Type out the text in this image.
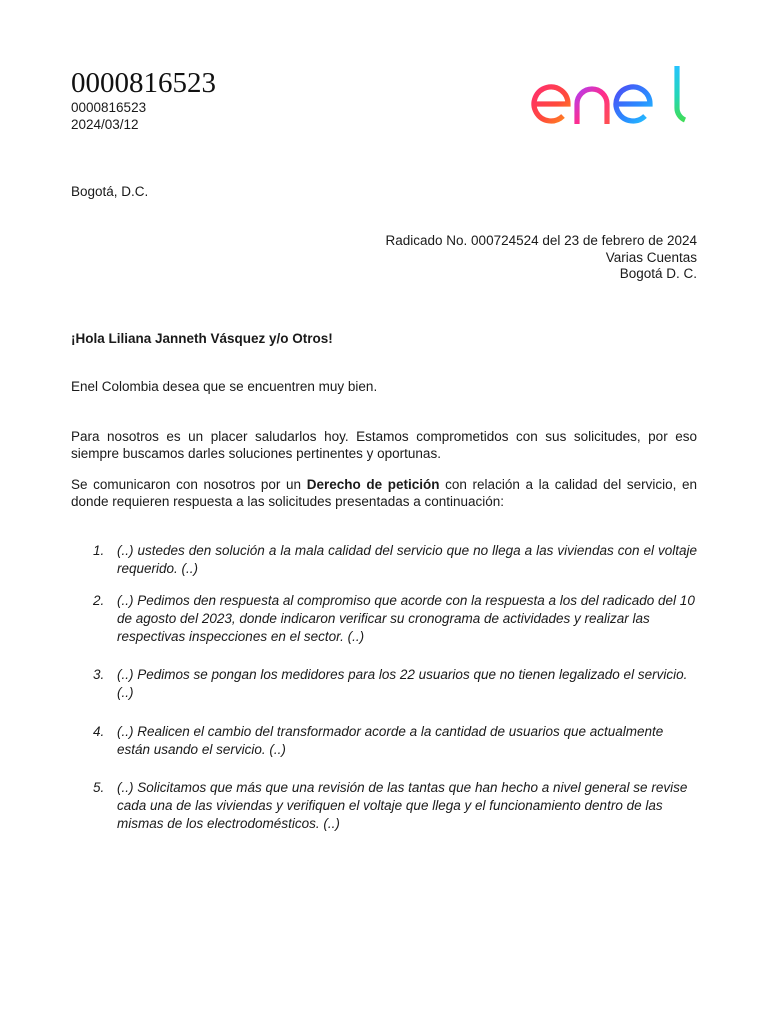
0000816523
0000816523
2024/03/12
Bogotá, D.C.
Radicado No. 000724524 del 23 de febrero de 2024
Varias Cuentas
Bogotá D. C.
¡Hola Liliana Janneth Vásquez y/o Otros!
Enel Colombia desea que se encuentren muy bien.
Para nosotros es un placer saludarlos hoy. Estamos comprometidos con sus solicitudes, por eso siempre buscamos darles soluciones pertinentes y oportunas.
Se comunicaron con nosotros por un Derecho de petición con relación a la calidad del servicio, en donde requieren respuesta a las solicitudes presentadas a continuación:
1. (..) ustedes den solución a la mala calidad del servicio que no llega a las viviendas con el voltaje requerido. (..)
2. (..) Pedimos den respuesta al compromiso que acorde con la respuesta a los del radicado del 10 de agosto del 2023, donde indicaron verificar su cronograma de actividades y realizar las respectivas inspecciones en el sector. (..)
3. (..) Pedimos se pongan los medidores para los 22 usuarios que no tienen legalizado el servicio. (..)
4. (..) Realicen el cambio del transformador acorde a la cantidad de usuarios que actualmente están usando el servicio. (..)
5. (..) Solicitamos que más que una revisión de las tantas que han hecho a nivel general se revise cada una de las viviendas y verifiquen el voltaje que llega y el funcionamiento dentro de las mismas de los electrodomésticos. (..)
